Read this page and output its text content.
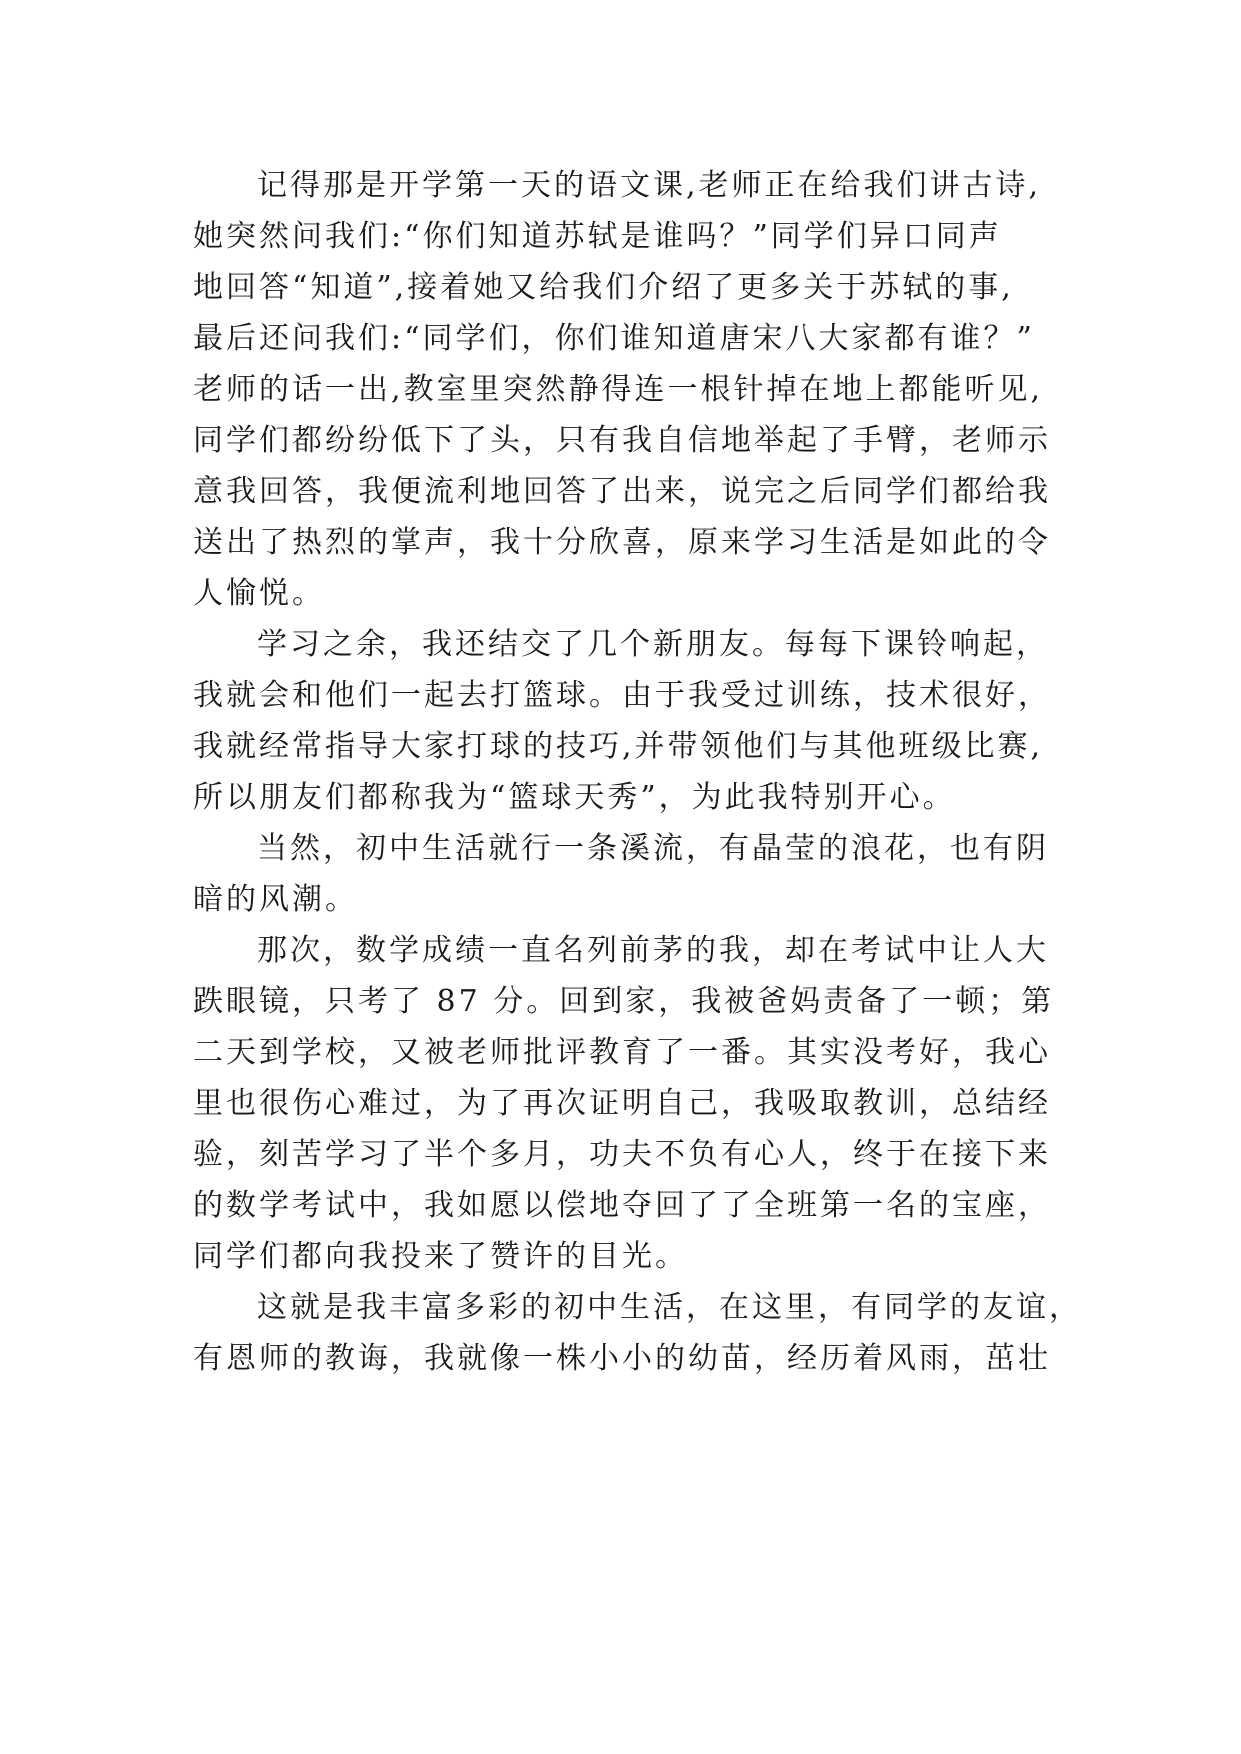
记得那是开学第一天的语文课,老师正在给我们讲古诗,
她突然问我们:“你们知道苏轼是谁吗？”同学们异口同声
地回答“知道”,接着她又给我们介绍了更多关于苏轼的事,
最后还问我们:“同学们，你们谁知道唐宋八大家都有谁？”
老师的话一出,教室里突然静得连一根针掉在地上都能听见,
同学们都纷纷低下了头，只有我自信地举起了手臂，老师示
意我回答，我便流利地回答了出来，说完之后同学们都给我
送出了热烈的掌声，我十分欣喜，原来学习生活是如此的令
人愉悦。
学习之余，我还结交了几个新朋友。每每下课铃响起，
我就会和他们一起去打篮球。由于我受过训练，技术很好，
我就经常指导大家打球的技巧,并带领他们与其他班级比赛,
所以朋友们都称我为“篮球天秀”，为此我特别开心。
当然，初中生活就行一条溪流，有晶莹的浪花，也有阴
暗的风潮。
那次，数学成绩一直名列前茅的我，却在考试中让人大
跌眼镜，只考了 87 分。回到家，我被爸妈责备了一顿；第
二天到学校，又被老师批评教育了一番。其实没考好，我心
里也很伤心难过，为了再次证明自己，我吸取教训，总结经
验，刻苦学习了半个多月，功夫不负有心人，终于在接下来
的数学考试中，我如愿以偿地夺回了了全班第一名的宝座，
同学们都向我投来了赞许的目光。
这就是我丰富多彩的初中生活，在这里，有同学的友谊，
有恩师的教诲，我就像一株小小的幼苗，经历着风雨，茁壮
